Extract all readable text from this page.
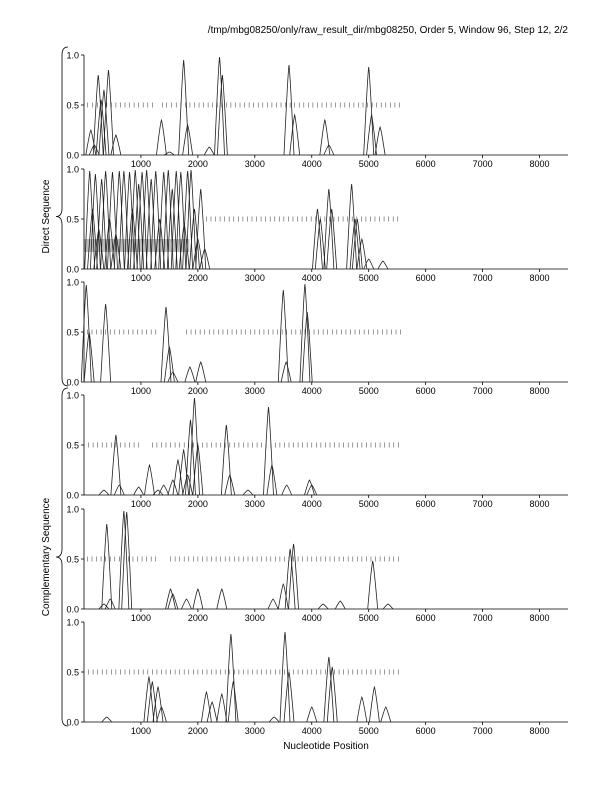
/tmp/mbg08250/only/raw_result_dir/mbg08250, Order 5, Window 96, Step 12, 2/2
0.0
0.5
1.0
1000	2000	3000	4000	5000	6000	7000	8000
0.0
0.5
1.0
1000	2000	3000	4000	5000	6000	7000	8000
0.0
0.5
1.0
1000	2000	3000	4000	5000	6000	7000	8000
0.0
0.5
1.0
1000	2000	3000	4000	5000	6000	7000	8000
0.0
0.5
1.0
1000	2000	3000	4000	5000	6000	7000	8000
0.0
0.5
1.0
1000	2000	3000	4000	5000	6000	7000	8000
Nucleotide Position
Direct Sequence
Complementary Sequence
